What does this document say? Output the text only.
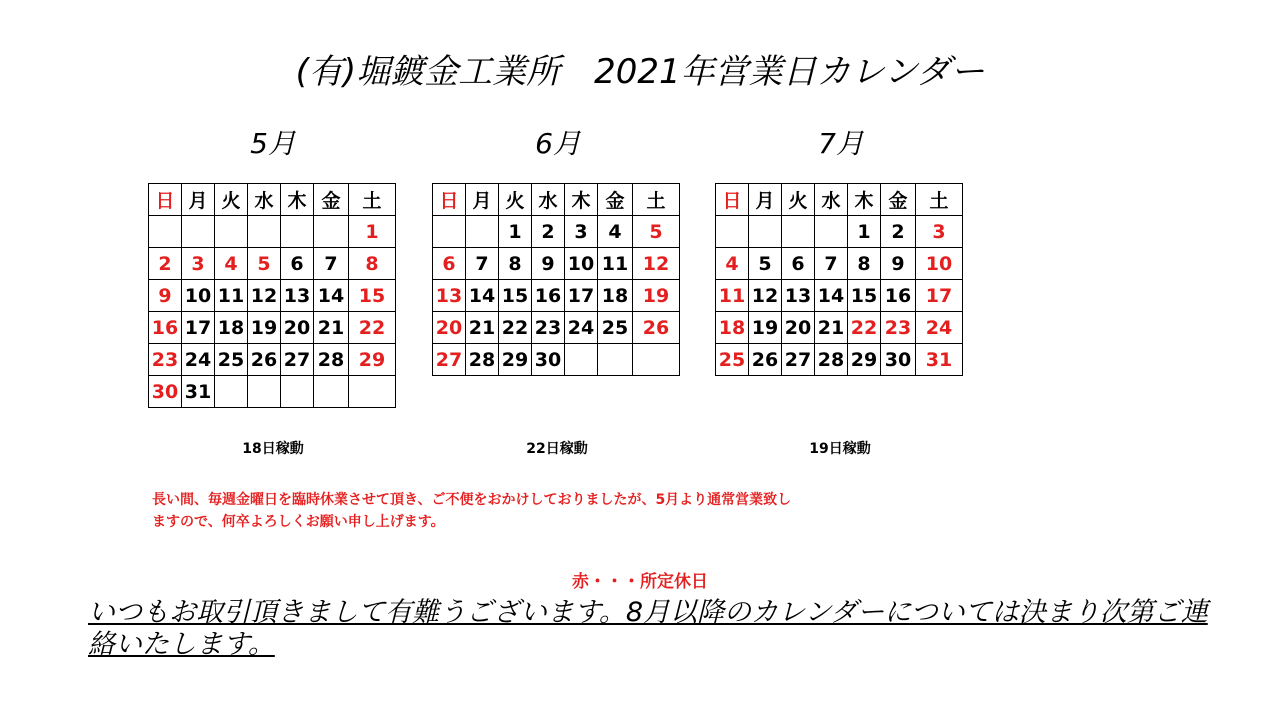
(有)堀鍍金工業所　2021年営業日カレンダー
5月	6月	7月
日	月	火	水	木	金	土
						1
2	3	4	5	6	7	8
9	10	11	12	13	14	15
16	17	18	19	20	21	22
23	24	25	26	27	28	29
30	31					
日	月	火	水	木	金	土
		1	2	3	4	5
6	7	8	9	10	11	12
13	14	15	16	17	18	19
20	21	22	23	24	25	26
27	28	29	30			
日	月	火	水	木	金	土
				1	2	3
4	5	6	7	8	9	10
11	12	13	14	15	16	17
18	19	20	21	22	23	24
25	26	27	28	29	30	31
18日稼動	22日稼動	19日稼動
長い間、毎週金曜日を臨時休業させて頂き、ご不便をおかけしておりましたが、5月より通常営業致し
ますので、何卒よろしくお願い申し上げます。
赤・・・所定休日
いつもお取引頂きまして有難うございます。8月以降のカレンダーについては決まり次第ご連絡いたします。
